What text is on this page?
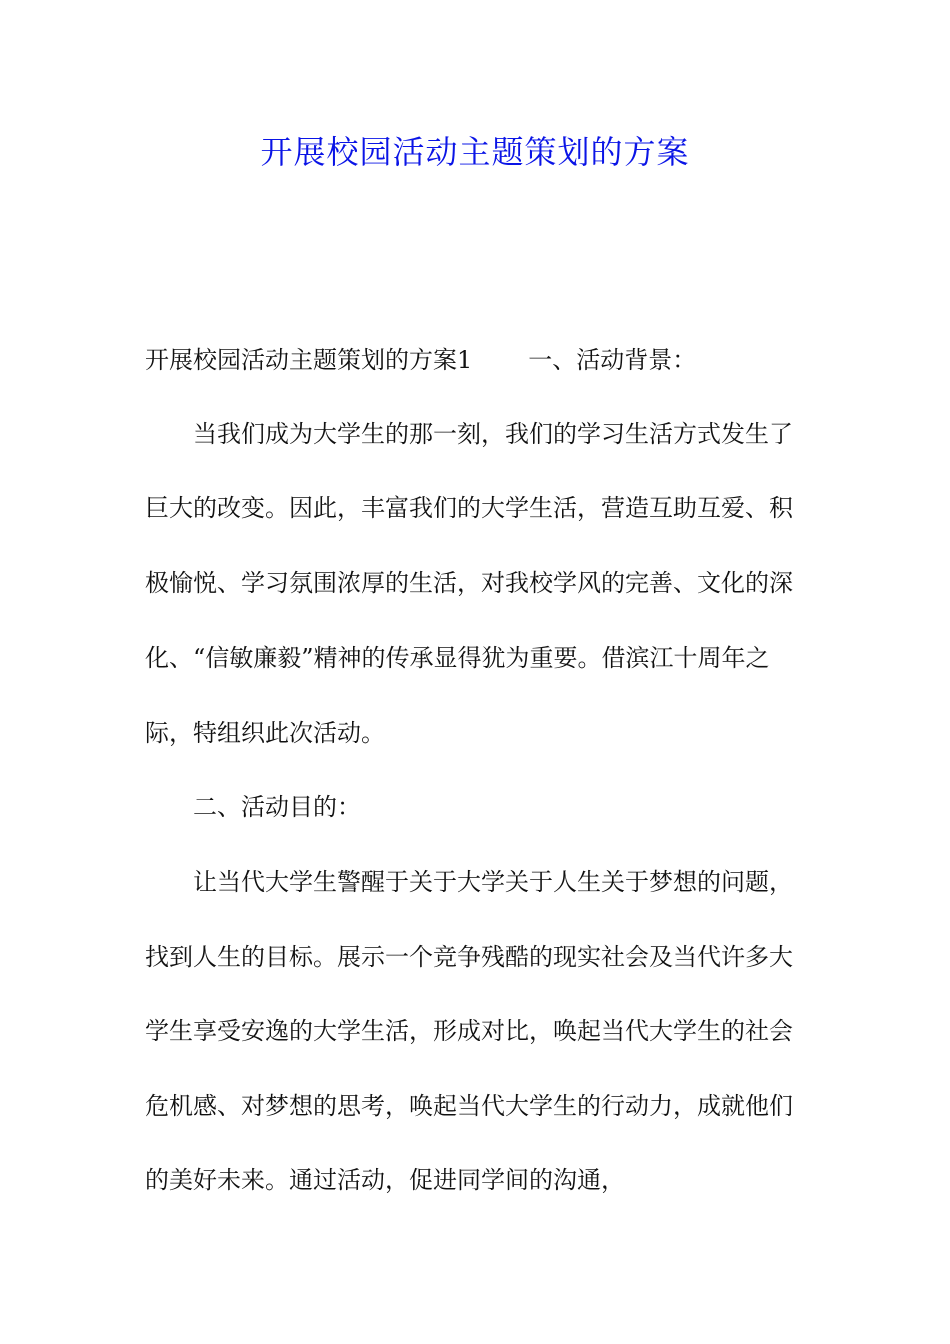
开展校园活动主题策划的方案
开展校园活动主题策划的方案1 一、活动背景：
当我们成为大学生的那一刻，我们的学习生活方式发生了
巨大的改变。因此，丰富我们的大学生活，营造互助互爱、积
极愉悦、学习氛围浓厚的生活，对我校学风的完善、文化的深
化、“信敏廉毅”精神的传承显得犹为重要。借滨江十周年之
际，特组织此次活动。
二、活动目的：
让当代大学生警醒于关于大学关于人生关于梦想的问题，
找到人生的目标。展示一个竞争残酷的现实社会及当代许多大
学生享受安逸的大学生活，形成对比，唤起当代大学生的社会
危机感、对梦想的思考，唤起当代大学生的行动力，成就他们
的美好未来。通过活动，促进同学间的沟通，
